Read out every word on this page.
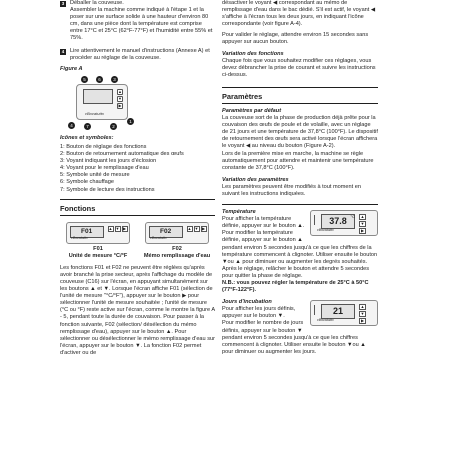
3	Déballer la couveuse.
Assembler la machine comme indiqué à l'étape 1 et la poser sur une surface solide à une hauteur d'environ 80 cm, dans une pièce dont la température est comprise entre 17°C et 25°C (62°F-77°F) et l'humidité entre 55% et 75%.
4	Lire attentivement le manuel d'instructions (Annexe A) et procéder au réglage de la couveuse.
Figure A
5	6	3
▲
▼
▶
cBovatutto
4	7	2
1
Icônes et symboles:
1: Bouton de réglage des fonctions
2: Bouton de retournement automatique des œufs
3: Voyant indiquant les jours d'éclosion
4: Voyant pour le remplissage d'eau
5: Symbole unité de mesure
6: Symbole chauffage
7: Symbole de lecture des instructions
Fonctions
F01	▲ ▼ ▶
cBovatutto
F01
Unité de mesure °C/°F
F02	▲ ▼ ▶
cBovatutto
F02
Mémo remplissage d'eau
Les fonctions F01 et F02 ne peuvent être réglées qu'après avoir branché la prise secteur, après l'affichage du modèle de couveuse (C16) sur l'écran, en appuyant simultanément sur les boutons ▲ et ▼. Lorsque l'écran affiche F01 (sélection de l'unité de mesure "°C/°F"), appuyer sur le bouton ▶ pour sélectionner l'unité de mesure souhaitée ; l'unité de mesure (°C ou °F) reste active sur l'écran, comme le montre la figure A - 5, pendant toute la durée de couvaison. Pour passer à la fonction suivante, F02 (sélection/ désélection du mémo remplissage d'eau), appuyer sur le bouton ▲. Pour sélectionner ou désélectionner le mémo remplissage d'eau sur l'écran, appuyer sur le bouton ▼. La fonction F02 permet d'activer ou de
désactiver le voyant ◀ correspondant au mémo de remplissage d'eau dans le bac dédié. S'il est actif, le voyant ◀ s'affiche à l'écran tous les deux jours, en indiquant l'icône correspondante (voir figure A-4).
Pour valider le réglage, attendre environ 15 secondes sans appuyer sur aucun bouton.
Variation des fonctions
Chaque fois que vous souhaitez modifier ces réglages, vous devez débrancher la prise de courant et suivre les instructions ci-dessus.
Paramètres
Paramètres par défaut
La couveuse sort de la phase de production déjà prête pour la couvaison des œufs de poule et de volaille, avec un réglage de 21 jours et une température de 37,8°C (100°F). Le dispositif de retournement des œufs sera activé lorsque l'écran affichera le voyant ◀ au niveau du bouton (Figure A-2).
Lors de la première mise en marche, la machine se règle automatiquement pour attendre et maintenir une température constante de 37,8°C (100°F).
Variation des paramètres
Les paramètres peuvent être modifiés à tout moment en suivant les instructions indiquées.
37.8 °C	▲
▼
▶
cBovatutto
Température
Pour afficher la température définie, appuyer sur le bouton ▲. Pour modifier la température définie, appuyer sur le bouton ▲ pendant environ 5 secondes jusqu'à ce que les chiffres de la température commencent à clignoter. Utiliser ensuite le bouton ▼ou ▲ pour diminuer ou augmenter les degrés souhaités.
Après le réglage, relâcher le bouton et attendre 5 secondes pour quitter la phase de réglage.
N.B.: vous pouvez régler la température de 25°C à 50°C (77°F-122°F).
21	▲
▼
▶
cBovatutto
Jours d'incubation
Pour afficher les jours définis, appuyer sur le bouton ▼.
Pour modifier le nombre de jours définis, appuyer sur le bouton ▼ pendant environ 5 secondes jusqu'à ce que les chiffres commencent à clignoter. Utiliser ensuite le bouton ▼ou ▲ pour diminuer ou augmenter les jours.
